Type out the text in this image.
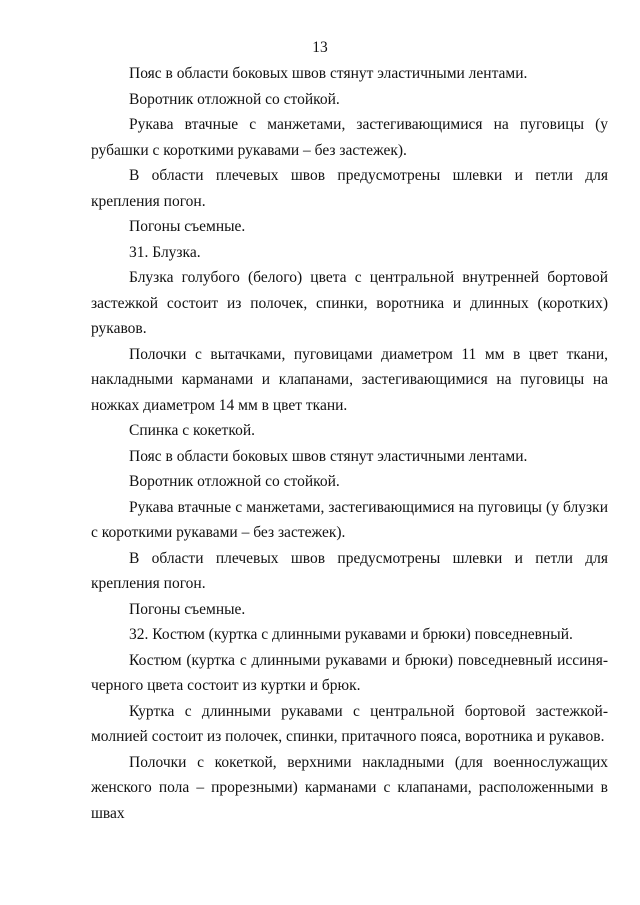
13

Пояс в области боковых швов стянут эластичными лентами.

Воротник отложной со стойкой.

Рукава втачные с манжетами, застегивающимися на пуговицы (у рубашки с короткими рукавами – без застежек).

В области плечевых швов предусмотрены шлевки и петли для крепления погон.

Погоны съемные.

31. Блузка.

Блузка голубого (белого) цвета с центральной внутренней бортовой застежкой состоит из полочек, спинки, воротника и длинных (коротких) рукавов.

Полочки с вытачками, пуговицами диаметром 11 мм в цвет ткани, накладными карманами и клапанами, застегивающимися на пуговицы на ножках диаметром 14 мм в цвет ткани.

Спинка с кокеткой.

Пояс в области боковых швов стянут эластичными лентами.

Воротник отложной со стойкой.

Рукава втачные с манжетами, застегивающимися на пуговицы (у блузки с короткими рукавами – без застежек).

В области плечевых швов предусмотрены шлевки и петли для крепления погон.

Погоны съемные.

32. Костюм (куртка с длинными рукавами и брюки) повседневный.

Костюм (куртка с длинными рукавами и брюки) повседневный иссиня-черного цвета состоит из куртки и брюк.

Куртка с длинными рукавами с центральной бортовой застежкой-молнией состоит из полочек, спинки, притачного пояса, воротника и рукавов.

Полочки с кокеткой, верхними накладными (для военнослужащих женского пола – прорезными) карманами с клапанами, расположенными в швах
